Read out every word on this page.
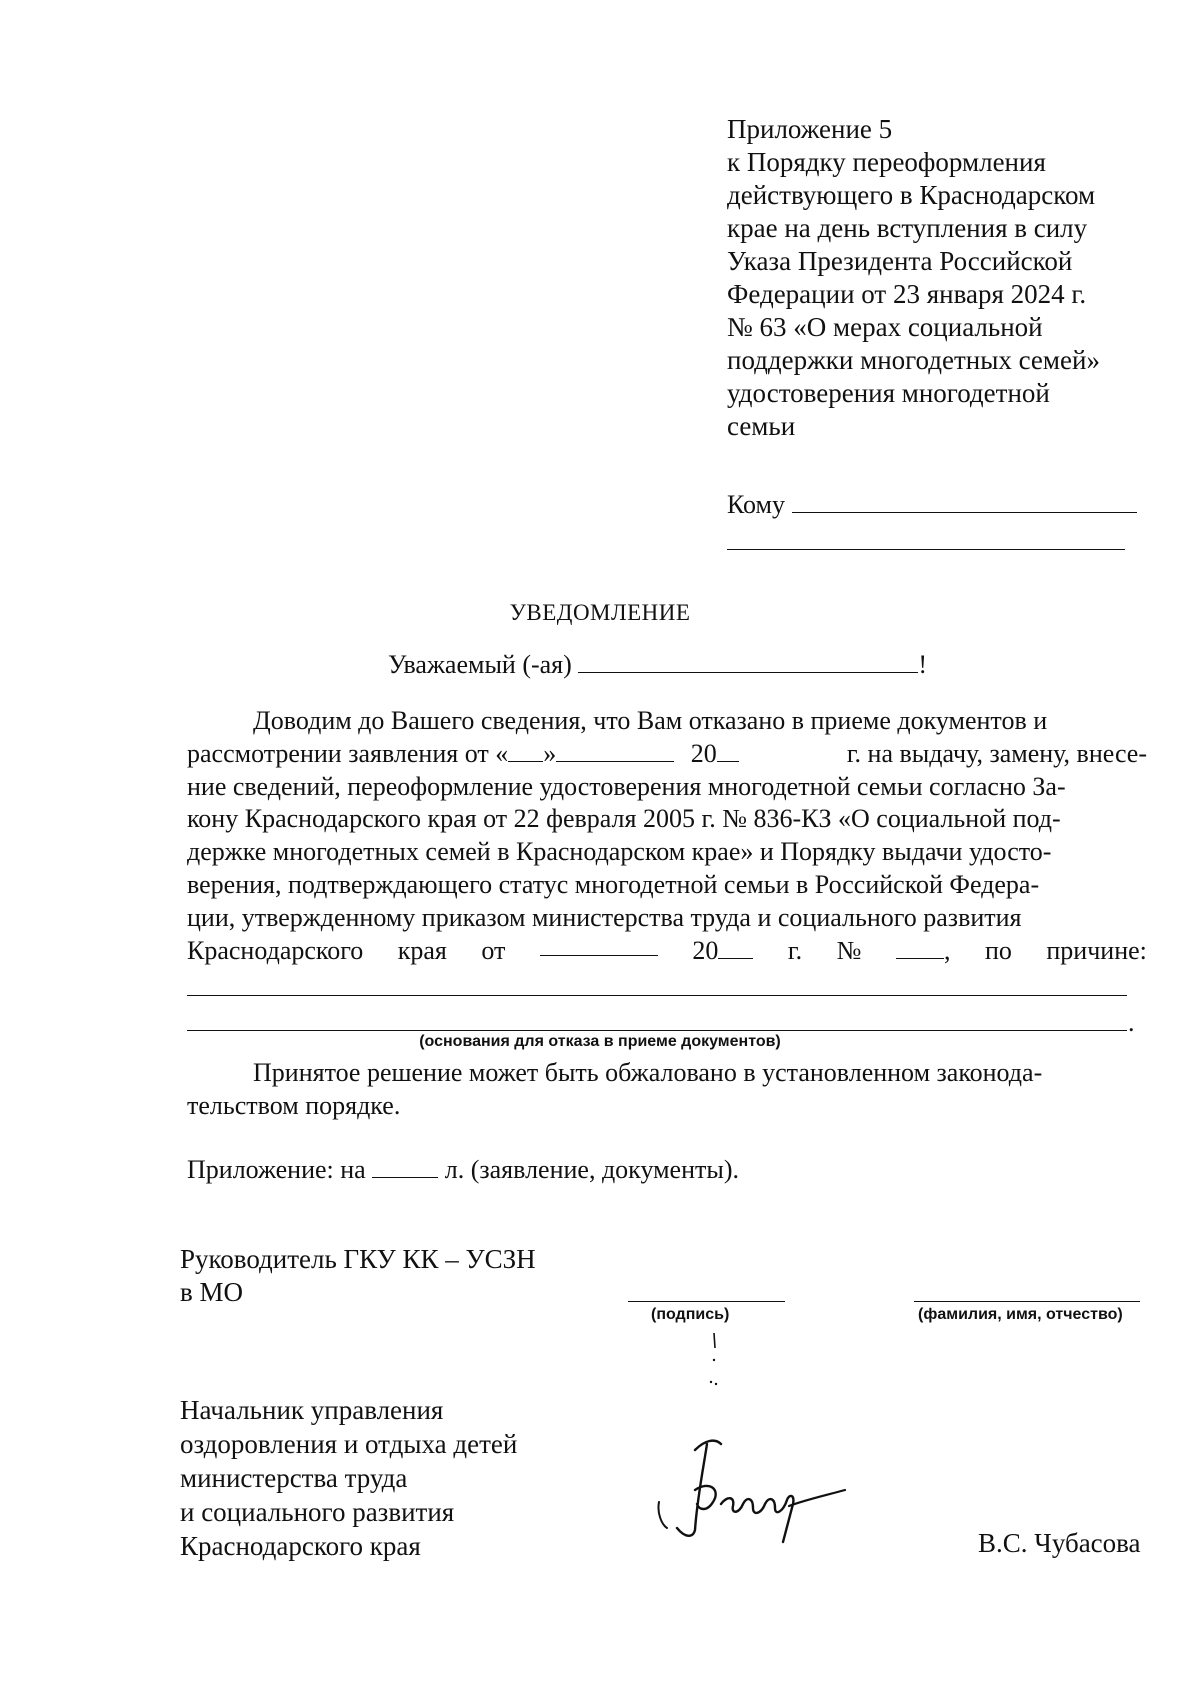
Приложение 5
к Порядку переоформления
действующего в Краснодарском
крае на день вступления в силу
Указа Президента Российской
Федерации от 23 января 2024 г.
№ 63 «О мерах социальной
поддержки многодетных семей»
удостоверения многодетной
семьи
Кому
УВЕДОМЛЕНИЕ
Уважаемый (-ая)	!
Доводим до Вашего сведения, что Вам отказано в приеме документов и
рассмотрении заявления от « »	20	г. на выдачу, замену, внесе-
ние сведений, переоформление удостоверения многодетной семьи согласно За-
кону Краснодарского края от 22 февраля 2005 г. № 836-КЗ «О социальной под-
держке многодетных семей в Краснодарском крае» и Порядку выдачи удосто-
верения, подтверждающего статус многодетной семьи в Российской Федера-
ции, утвержденному приказом министерства труда и социального развития
Краснодарского края от	20	г. №	, по причине:
.
(основания для отказа в приеме документов)
Принятое решение может быть обжаловано в установленном законода-
тельством порядке.
Приложение: на	л. (заявление, документы).
Руководитель ГКУ КК – УСЗН
в МО
(подпись)	(фамилия, имя, отчество)
Начальник управления
оздоровления и отдыха детей
министерства труда
и социального развития
Краснодарского края	В.С. Чубасова
